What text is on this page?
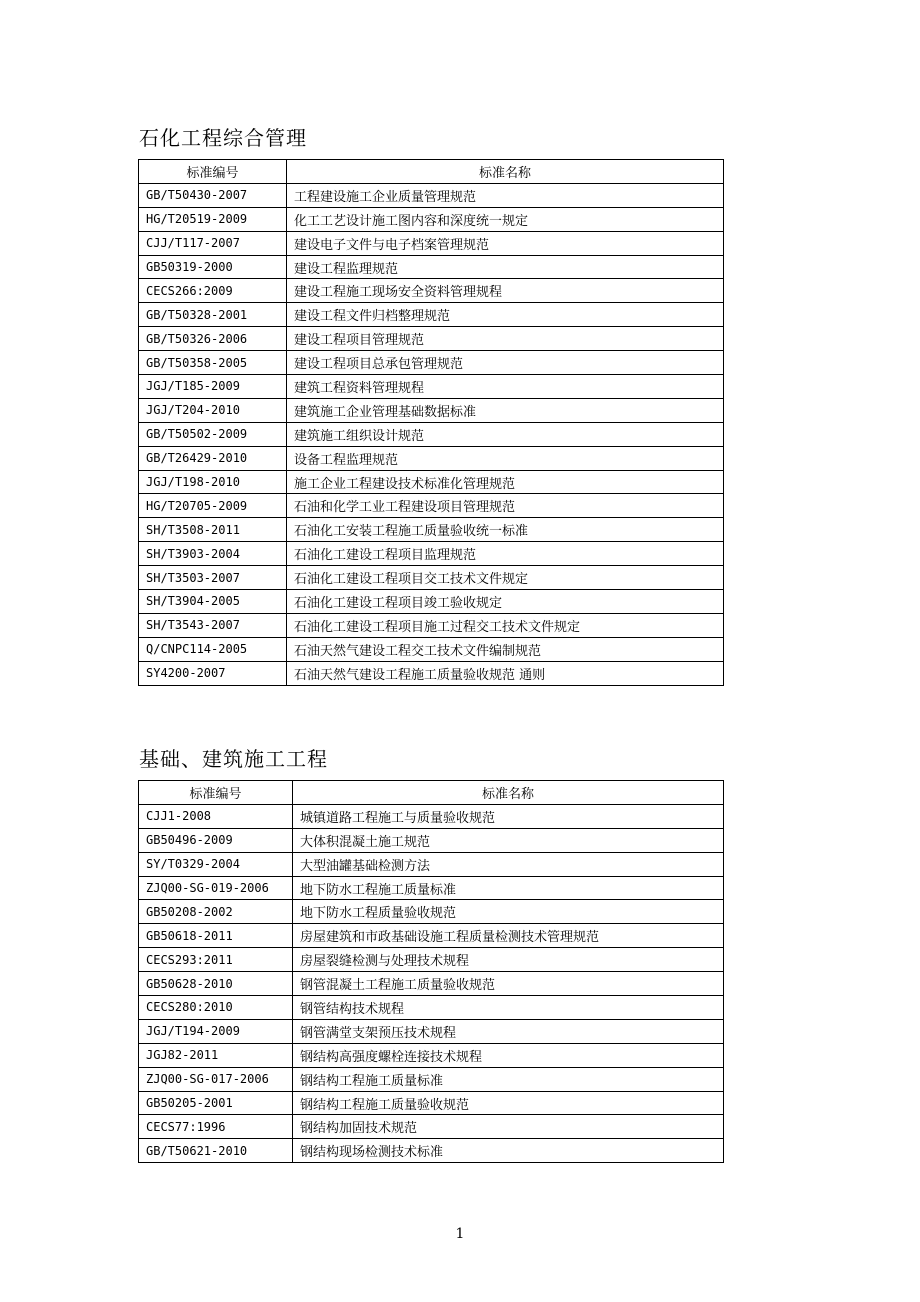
石化工程综合管理
标准编号	标准名称
GB/T50430-2007	工程建设施工企业质量管理规范
HG/T20519-2009	化工工艺设计施工图内容和深度统一规定
CJJ/T117-2007	建设电子文件与电子档案管理规范
GB50319-2000	建设工程监理规范
CECS266:2009	建设工程施工现场安全资料管理规程
GB/T50328-2001	建设工程文件归档整理规范
GB/T50326-2006	建设工程项目管理规范
GB/T50358-2005	建设工程项目总承包管理规范
JGJ/T185-2009	建筑工程资料管理规程
JGJ/T204-2010	建筑施工企业管理基础数据标准
GB/T50502-2009	建筑施工组织设计规范
GB/T26429-2010	设备工程监理规范
JGJ/T198-2010	施工企业工程建设技术标准化管理规范
HG/T20705-2009	石油和化学工业工程建设项目管理规范
SH/T3508-2011	石油化工安装工程施工质量验收统一标准
SH/T3903-2004	石油化工建设工程项目监理规范
SH/T3503-2007	石油化工建设工程项目交工技术文件规定
SH/T3904-2005	石油化工建设工程项目竣工验收规定
SH/T3543-2007	石油化工建设工程项目施工过程交工技术文件规定
Q/CNPC114-2005	石油天然气建设工程交工技术文件编制规范
SY4200-2007	石油天然气建设工程施工质量验收规范 通则
基础、建筑施工工程
标准编号	标准名称
CJJ1-2008	城镇道路工程施工与质量验收规范
GB50496-2009	大体积混凝土施工规范
SY/T0329-2004	大型油罐基础检测方法
ZJQ00-SG-019-2006	地下防水工程施工质量标准
GB50208-2002	地下防水工程质量验收规范
GB50618-2011	房屋建筑和市政基础设施工程质量检测技术管理规范
CECS293:2011	房屋裂缝检测与处理技术规程
GB50628-2010	钢管混凝土工程施工质量验收规范
CECS280:2010	钢管结构技术规程
JGJ/T194-2009	钢管满堂支架预压技术规程
JGJ82-2011	钢结构高强度螺栓连接技术规程
ZJQ00-SG-017-2006	钢结构工程施工质量标准
GB50205-2001	钢结构工程施工质量验收规范
CECS77:1996	钢结构加固技术规范
GB/T50621-2010	钢结构现场检测技术标准

1
